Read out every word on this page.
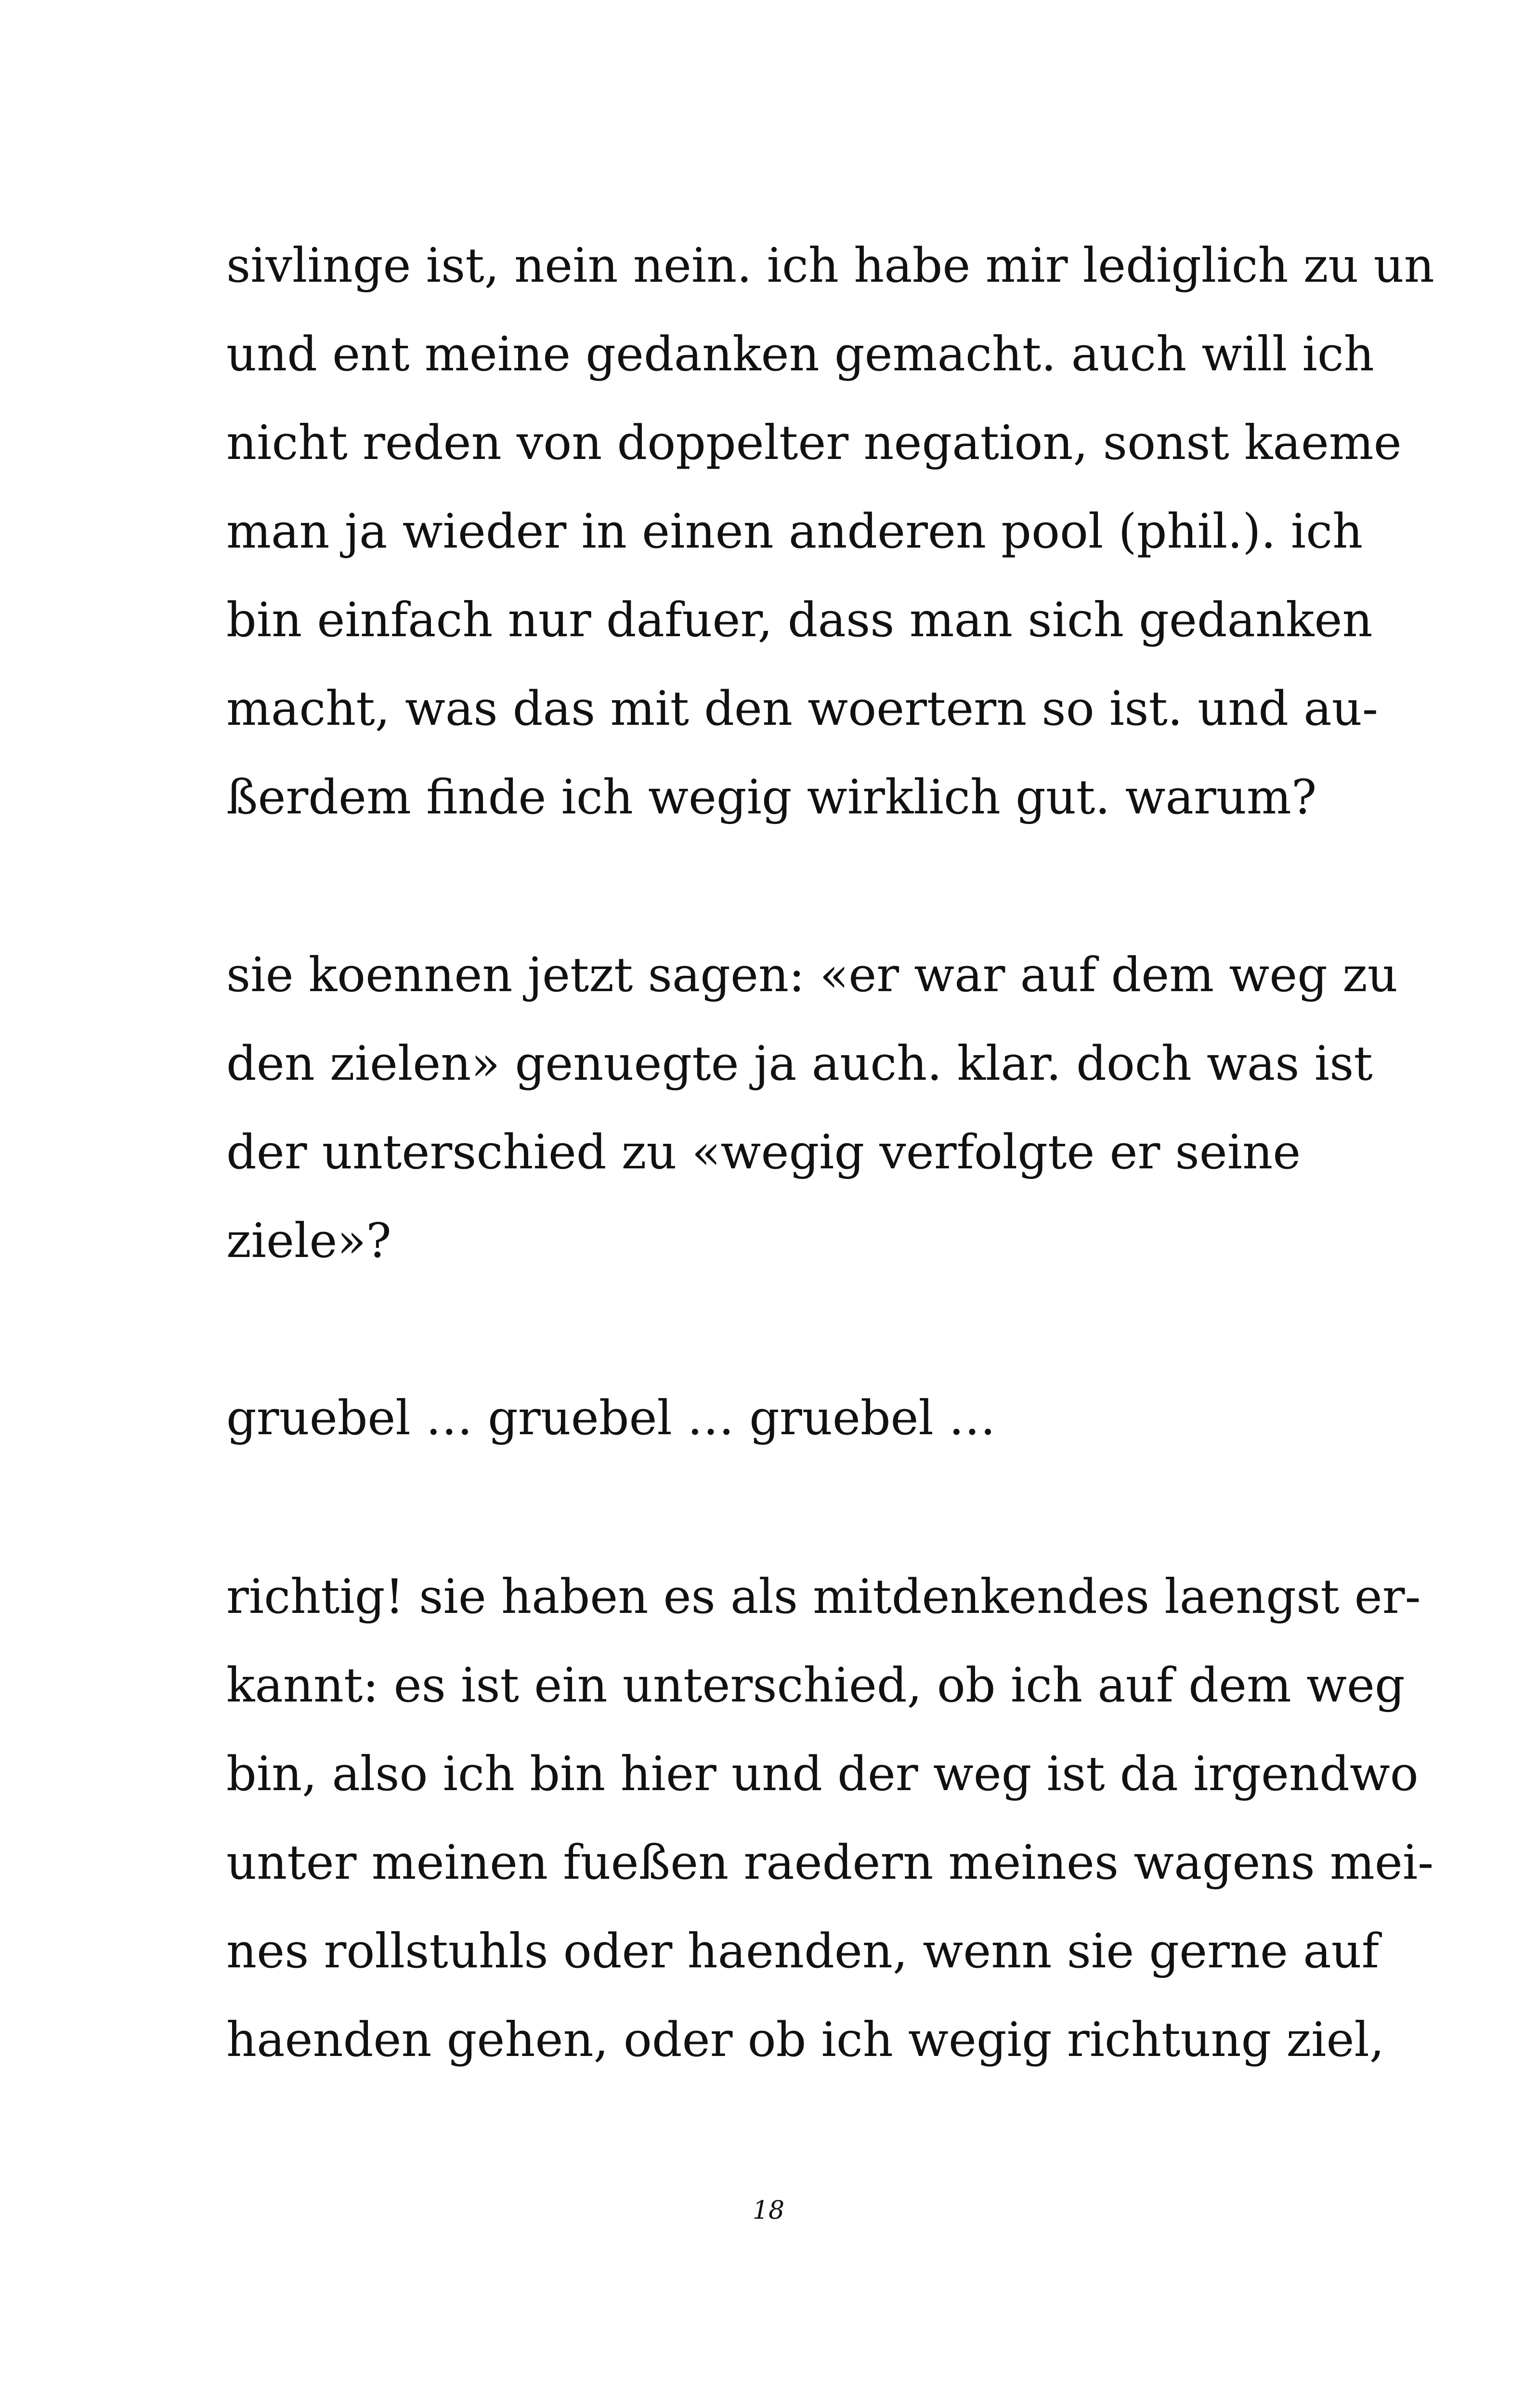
sivlinge ist, nein nein. ich habe mir lediglich zu un
und ent meine gedanken gemacht. auch will ich
nicht reden von doppelter negation, sonst kaeme
man ja wieder in einen anderen pool (phil.). ich
bin einfach nur dafuer, dass man sich gedanken
macht, was das mit den woertern so ist. und au-
ßerdem finde ich wegig wirklich gut. warum?
sie koennen jetzt sagen: «er war auf dem weg zu
den zielen» genuegte ja auch. klar. doch was ist
der unterschied zu «wegig verfolgte er seine
ziele»?
gruebel … gruebel … gruebel …
richtig! sie haben es als mitdenkendes laengst er-
kannt: es ist ein unterschied, ob ich auf dem weg
bin, also ich bin hier und der weg ist da irgendwo
unter meinen fueßen raedern meines wagens mei-
nes rollstuhls oder haenden, wenn sie gerne auf
haenden gehen, oder ob ich wegig richtung ziel,
18
